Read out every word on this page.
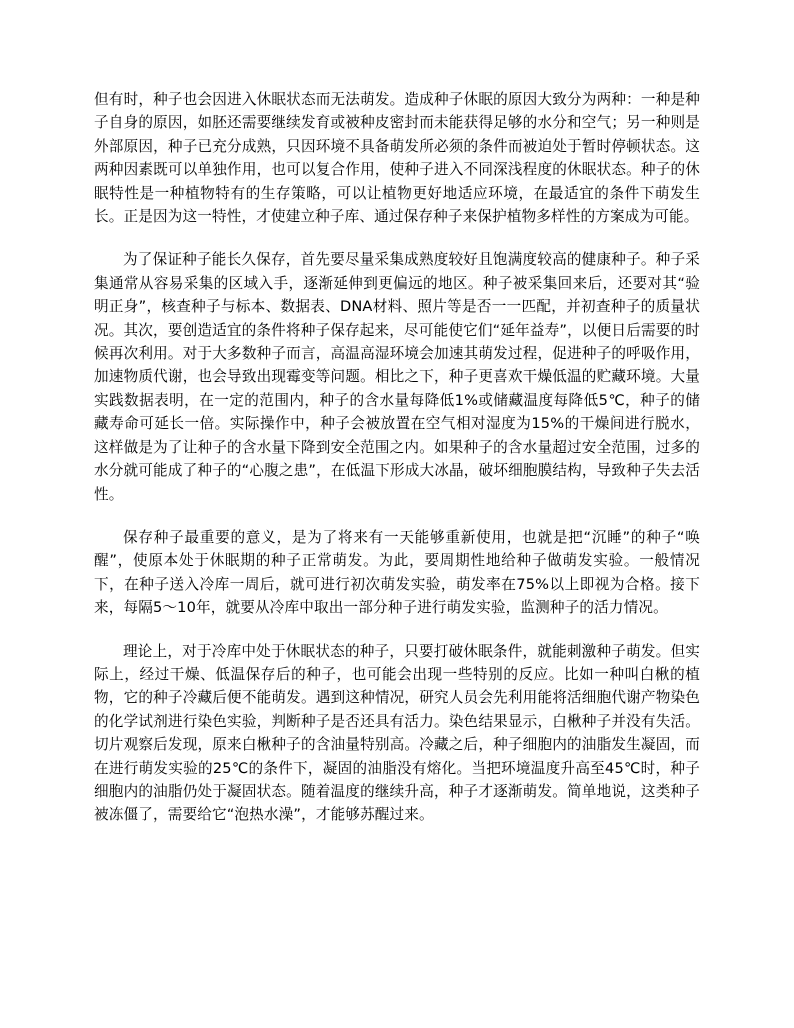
但有时，种子也会因进入休眠状态而无法萌发。造成种子休眠的原因大致分为两种：一种是种子自身的原因，如胚还需要继续发育或被种皮密封而未能获得足够的水分和空气；另一种则是外部原因，种子已充分成熟，只因环境不具备萌发所必须的条件而被迫处于暂时停顿状态。这两种因素既可以单独作用，也可以复合作用，使种子进入不同深浅程度的休眠状态。种子的休眠特性是一种植物特有的生存策略，可以让植物更好地适应环境，在最适宜的条件下萌发生长。正是因为这一特性，才使建立种子库、通过保存种子来保护植物多样性的方案成为可能。

为了保证种子能长久保存，首先要尽量采集成熟度较好且饱满度较高的健康种子。种子采集通常从容易采集的区域入手，逐渐延伸到更偏远的地区。种子被采集回来后，还要对其“验明正身”，核查种子与标本、数据表、DNA材料、照片等是否一一匹配，并初查种子的质量状况。其次，要创造适宜的条件将种子保存起来，尽可能使它们“延年益寿”，以便日后需要的时候再次利用。对于大多数种子而言，高温高湿环境会加速其萌发过程，促进种子的呼吸作用，加速物质代谢，也会导致出现霉变等问题。相比之下，种子更喜欢干燥低温的贮藏环境。大量实践数据表明，在一定的范围内，种子的含水量每降低1%或储藏温度每降低5℃，种子的储藏寿命可延长一倍。实际操作中，种子会被放置在空气相对湿度为15%的干燥间进行脱水，这样做是为了让种子的含水量下降到安全范围之内。如果种子的含水量超过安全范围，过多的水分就可能成了种子的“心腹之患”，在低温下形成大冰晶，破坏细胞膜结构，导致种子失去活性。

保存种子最重要的意义，是为了将来有一天能够重新使用，也就是把“沉睡”的种子“唤醒”，使原本处于休眠期的种子正常萌发。为此，要周期性地给种子做萌发实验。一般情况下，在种子送入冷库一周后，就可进行初次萌发实验，萌发率在75%以上即视为合格。接下来，每隔5～10年，就要从冷库中取出一部分种子进行萌发实验，监测种子的活力情况。

理论上，对于冷库中处于休眠状态的种子，只要打破休眠条件，就能刺激种子萌发。但实际上，经过干燥、低温保存后的种子，也可能会出现一些特别的反应。比如一种叫白楸的植物，它的种子冷藏后便不能萌发。遇到这种情况，研究人员会先利用能将活细胞代谢产物染色的化学试剂进行染色实验，判断种子是否还具有活力。染色结果显示，白楸种子并没有失活。切片观察后发现，原来白楸种子的含油量特别高。冷藏之后，种子细胞内的油脂发生凝固，而在进行萌发实验的25℃的条件下，凝固的油脂没有熔化。当把环境温度升高至45℃时，种子细胞内的油脂仍处于凝固状态。随着温度的继续升高，种子才逐渐萌发。简单地说，这类种子被冻僵了，需要给它“泡热水澡”，才能够苏醒过来。
